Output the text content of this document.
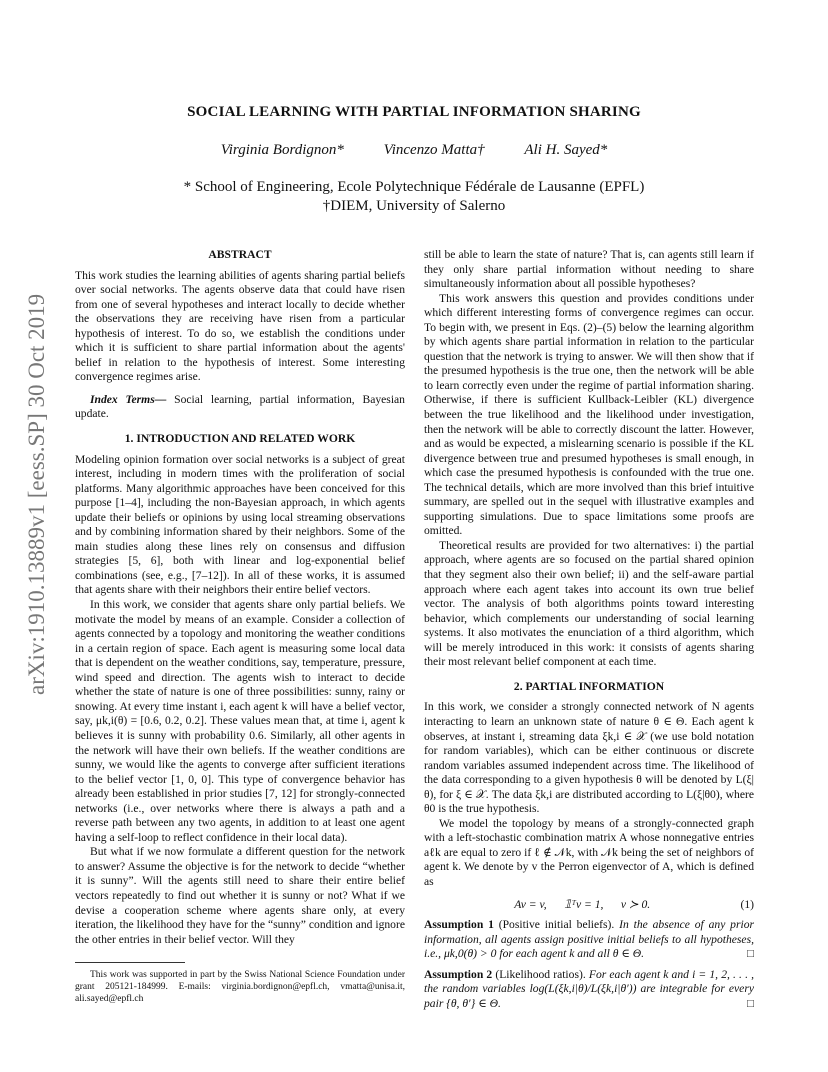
arXiv:1910.13889v1 [eess.SP] 30 Oct 2019
SOCIAL LEARNING WITH PARTIAL INFORMATION SHARING
Virginia Bordignon*	Vincenzo Matta†	Ali H. Sayed*
* School of Engineering, Ecole Polytechnique Fédérale de Lausanne (EPFL)
†DIEM, University of Salerno
ABSTRACT

This work studies the learning abilities of agents sharing partial beliefs over social networks. The agents observe data that could have risen from one of several hypotheses and interact locally to decide whether the observations they are receiving have risen from a particular hypothesis of interest. To do so, we establish the conditions under which it is sufficient to share partial information about the agents' belief in relation to the hypothesis of interest. Some interesting convergence regimes arise.

Index Terms— Social learning, partial information, Bayesian update.

1. INTRODUCTION AND RELATED WORK

Modeling opinion formation over social networks is a subject of great interest, including in modern times with the proliferation of social platforms. Many algorithmic approaches have been conceived for this purpose [1–4], including the non-Bayesian approach, in which agents update their beliefs or opinions by using local streaming observations and by combining information shared by their neighbors. Some of the main studies along these lines rely on consensus and diffusion strategies [5, 6], both with linear and log-exponential belief combinations (see, e.g., [7–12]). In all of these works, it is assumed that agents share with their neighbors their entire belief vectors.

In this work, we consider that agents share only partial beliefs. We motivate the model by means of an example. Consider a collection of agents connected by a topology and monitoring the weather conditions in a certain region of space. Each agent is measuring some local data that is dependent on the weather conditions, say, temperature, pressure, wind speed and direction. The agents wish to interact to decide whether the state of nature is one of three possibilities: sunny, rainy or snowing. At every time instant i, each agent k will have a belief vector, say, μk,i(θ) = [0.6, 0.2, 0.2]. These values mean that, at time i, agent k believes it is sunny with probability 0.6. Similarly, all other agents in the network will have their own beliefs. If the weather conditions are sunny, we would like the agents to converge after sufficient iterations to the belief vector [1, 0, 0]. This type of convergence behavior has already been established in prior studies [7, 12] for strongly-connected networks (i.e., over networks where there is always a path and a reverse path between any two agents, in addition to at least one agent having a self-loop to reflect confidence in their local data).

But what if we now formulate a different question for the network to answer? Assume the objective is for the network to decide “whether it is sunny”. Will the agents still need to share their entire belief vectors repeatedly to find out whether it is sunny or not? What if we devise a cooperation scheme where agents share only, at every iteration, the likelihood they have for the “sunny” condition and ignore the other entries in their belief vector. Will they

This work was supported in part by the Swiss National Science Foundation under grant 205121-184999. E-mails: virginia.bordignon@epfl.ch, vmatta@unisa.it, ali.sayed@epfl.ch

still be able to learn the state of nature? That is, can agents still learn if they only share partial information without needing to share simultaneously information about all possible hypotheses?

This work answers this question and provides conditions under which different interesting forms of convergence regimes can occur. To begin with, we present in Eqs. (2)–(5) below the learning algorithm by which agents share partial information in relation to the particular question that the network is trying to answer. We will then show that if the presumed hypothesis is the true one, then the network will be able to learn correctly even under the regime of partial information sharing. Otherwise, if there is sufficient Kullback-Leibler (KL) divergence between the true likelihood and the likelihood under investigation, then the network will be able to correctly discount the latter. However, and as would be expected, a mislearning scenario is possible if the KL divergence between true and presumed hypotheses is small enough, in which case the presumed hypothesis is confounded with the true one. The technical details, which are more involved than this brief intuitive summary, are spelled out in the sequel with illustrative examples and supporting simulations. Due to space limitations some proofs are omitted.

Theoretical results are provided for two alternatives: i) the partial approach, where agents are so focused on the partial shared opinion that they segment also their own belief; ii) and the self-aware partial approach where each agent takes into account its own true belief vector. The analysis of both algorithms points toward interesting behavior, which complements our understanding of social learning systems. It also motivates the enunciation of a third algorithm, which will be merely introduced in this work: it consists of agents sharing their most relevant belief component at each time.

2. PARTIAL INFORMATION

In this work, we consider a strongly connected network of N agents interacting to learn an unknown state of nature θ ∈ Θ. Each agent k observes, at instant i, streaming data ξk,i ∈ 𝒳 (we use bold notation for random variables), which can be either continuous or discrete random variables assumed independent across time. The likelihood of the data corresponding to a given hypothesis θ will be denoted by L(ξ|θ), for ξ ∈ 𝒳. The data ξk,i are distributed according to L(ξ|θ0), where θ0 is the true hypothesis.

We model the topology by means of a strongly-connected graph with a left-stochastic combination matrix A whose nonnegative entries aℓk are equal to zero if ℓ ∉ 𝒩k, with 𝒩k being the set of neighbors of agent k. We denote by v the Perron eigenvector of A, which is defined as

Av = v, 𝟙ᵀv = 1, v ≻ 0.	(1)

Assumption 1 (Positive initial beliefs). In the absence of any prior information, all agents assign positive initial beliefs to all hypotheses, i.e., μk,0(θ) > 0 for each agent k and all θ ∈ Θ.	□

Assumption 2 (Likelihood ratios). For each agent k and i = 1, 2, . . . , the random variables log(L(ξk,i|θ)/L(ξk,i|θ′)) are integrable for every pair {θ, θ′} ∈ Θ.	□
